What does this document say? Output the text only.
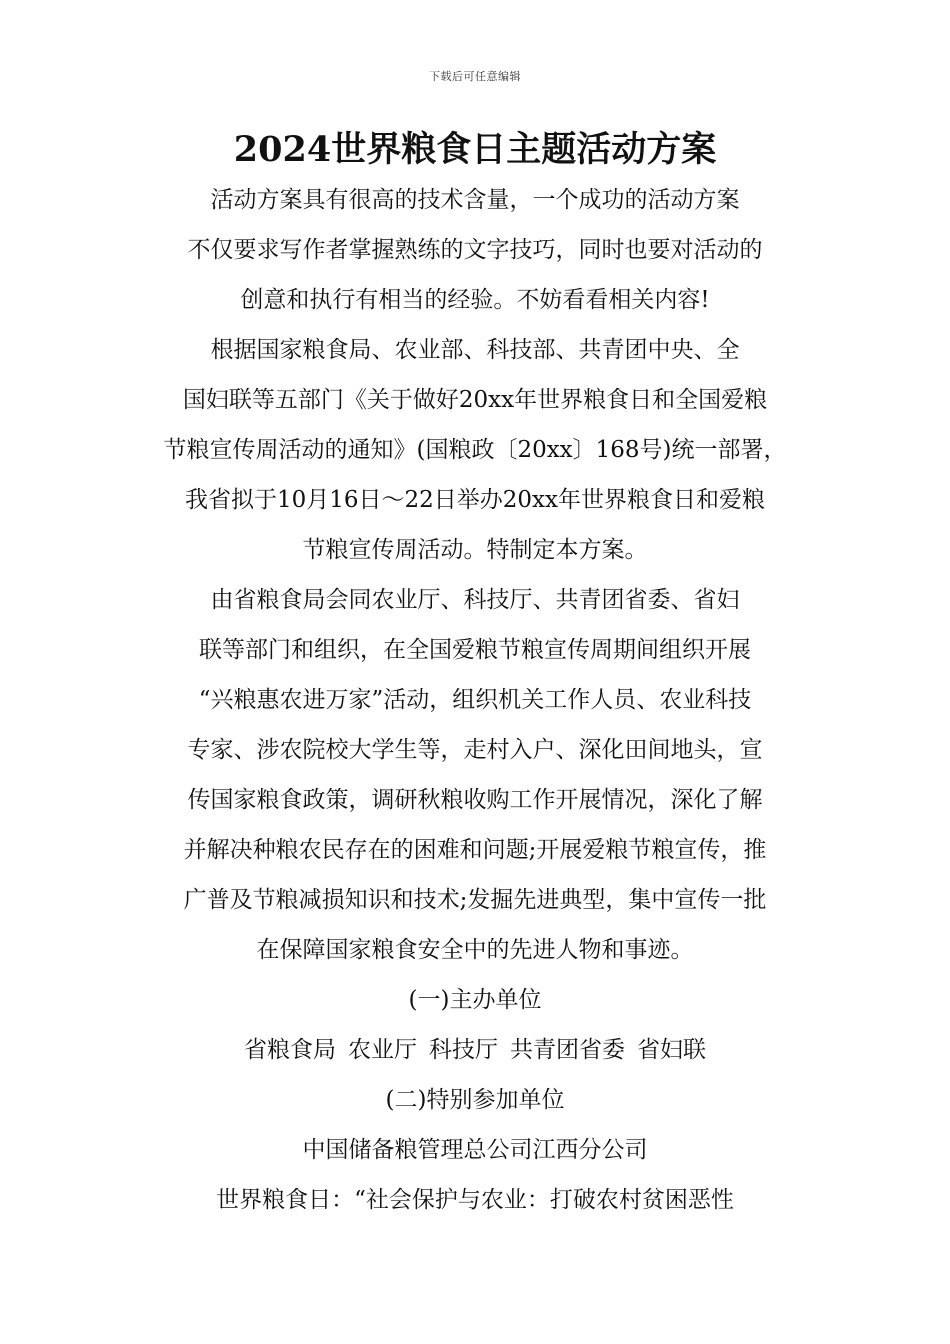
下载后可任意编辑
2024世界粮食日主题活动方案
活动方案具有很高的技术含量，一个成功的活动方案
不仅要求写作者掌握熟练的文字技巧，同时也要对活动的
创意和执行有相当的经验。不妨看看相关内容!
根据国家粮食局、农业部、科技部、共青团中央、全
国妇联等五部门《关于做好20xx年世界粮食日和全国爱粮
节粮宣传周活动的通知》(国粮政〔20xx〕168号)统一部署，
我省拟于10月16日～22日举办20xx年世界粮食日和爱粮
节粮宣传周活动。特制定本方案。
由省粮食局会同农业厅、科技厅、共青团省委、省妇
联等部门和组织，在全国爱粮节粮宣传周期间组织开展
“兴粮惠农进万家”活动，组织机关工作人员、农业科技
专家、涉农院校大学生等，走村入户、深化田间地头，宣
传国家粮食政策，调研秋粮收购工作开展情况，深化了解
并解决种粮农民存在的困难和问题;开展爱粮节粮宣传，推
广普及节粮减损知识和技术;发掘先进典型，集中宣传一批
在保障国家粮食安全中的先进人物和事迹。
(一)主办单位
省粮食局 农业厅 科技厅 共青团省委 省妇联
(二)特别参加单位
中国储备粮管理总公司江西分公司
世界粮食日：“社会保护与农业：打破农村贫困恶性
